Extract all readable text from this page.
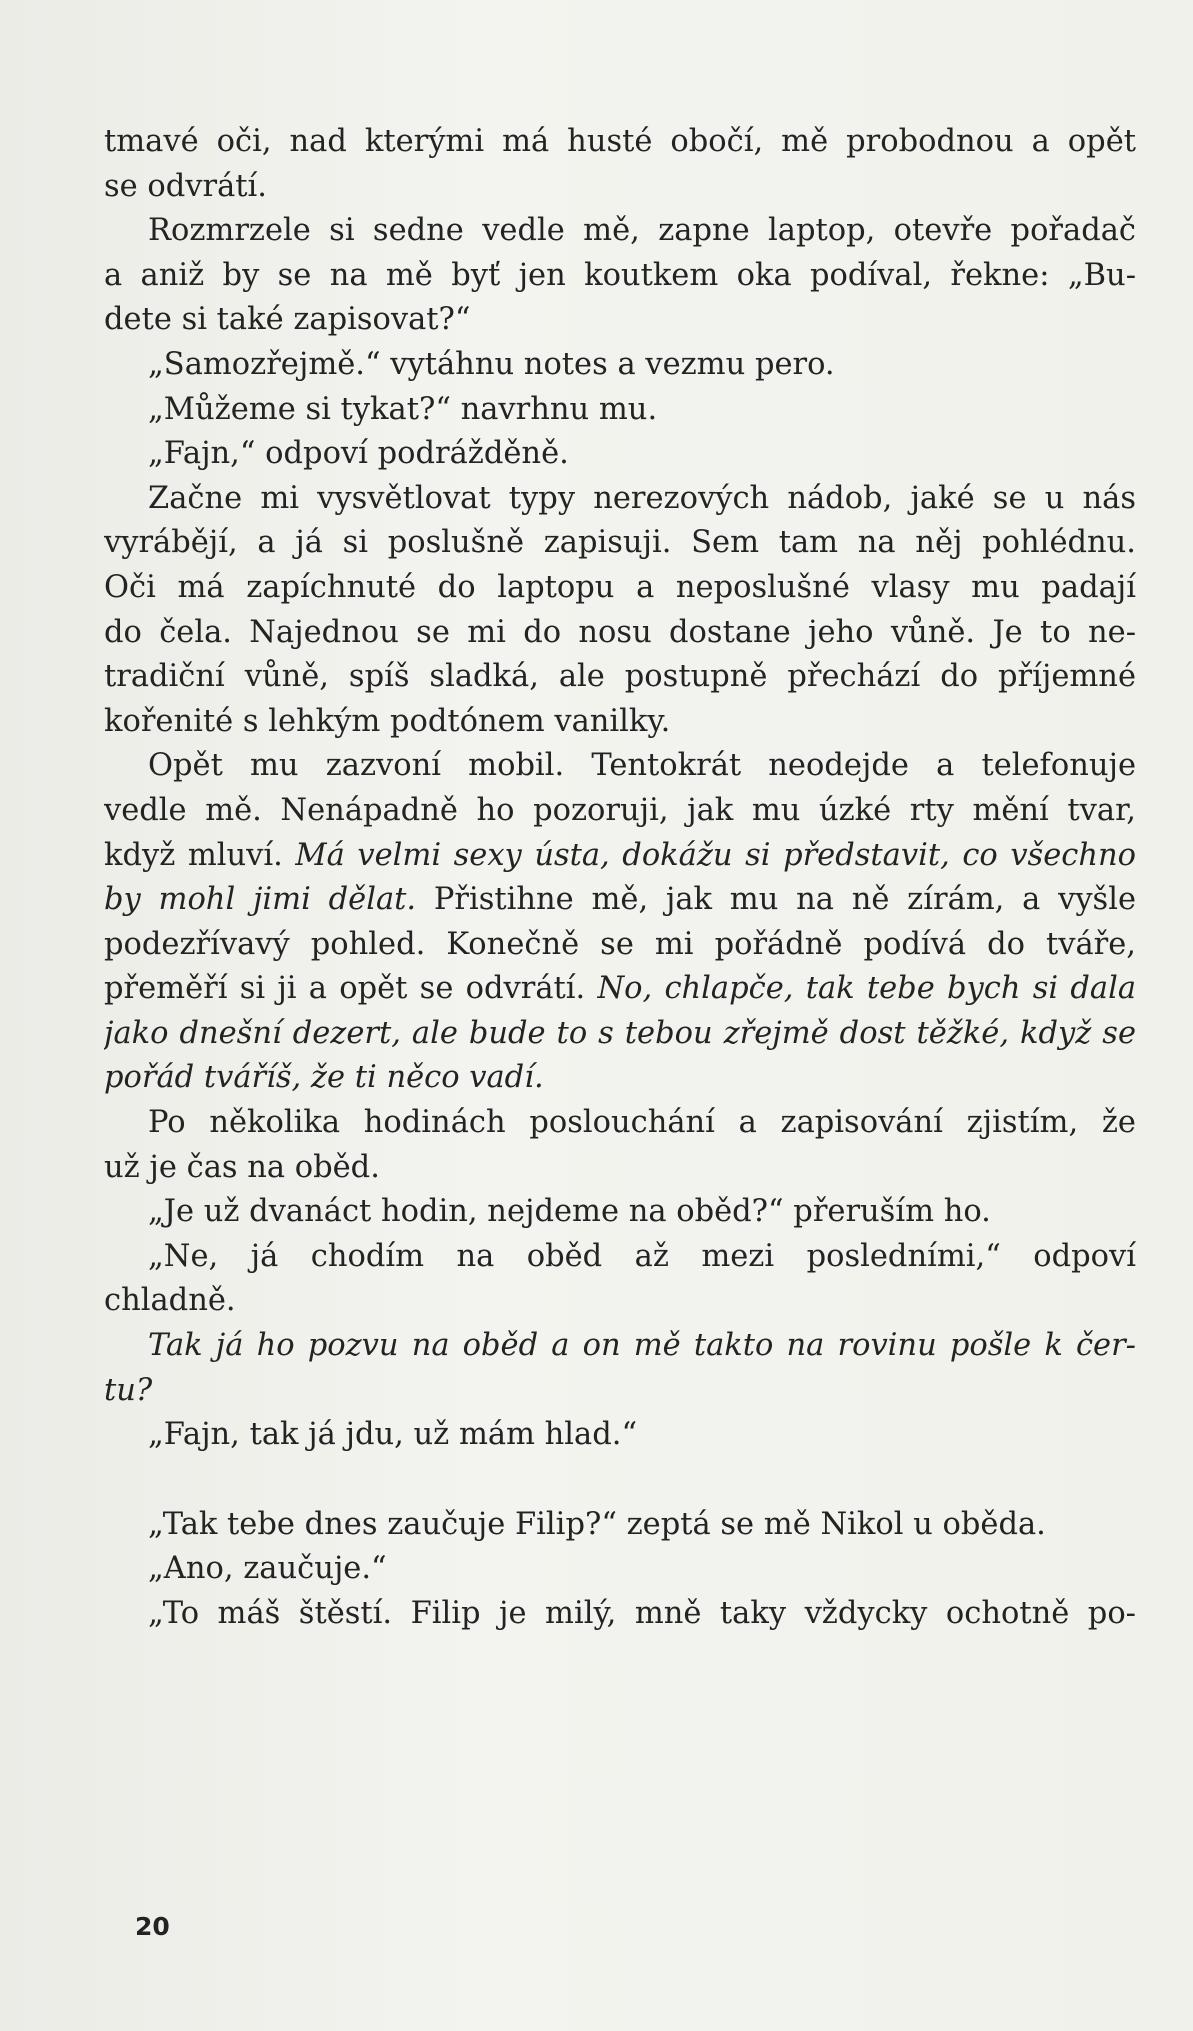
tmavé oči, nad kterými má husté obočí, mě probodnou a opět
se odvrátí.
Rozmrzele si sedne vedle mě, zapne laptop, otevře pořadač
a aniž by se na mě byť jen koutkem oka podíval, řekne: „Bu-
dete si také zapisovat?“
„Samozřejmě.“ vytáhnu notes a vezmu pero.
„Můžeme si tykat?“ navrhnu mu.
„Fajn,“ odpoví podrážděně.
Začne mi vysvětlovat typy nerezových nádob, jaké se u nás
vyrábějí, a já si poslušně zapisuji. Sem tam na něj pohlédnu.
Oči má zapíchnuté do laptopu a neposlušné vlasy mu padají
do čela. Najednou se mi do nosu dostane jeho vůně. Je to ne-
tradiční vůně, spíš sladká, ale postupně přechází do příjemné
kořenité s lehkým podtónem vanilky.
Opět mu zazvoní mobil. Tentokrát neodejde a telefonuje
vedle mě. Nenápadně ho pozoruji, jak mu úzké rty mění tvar,
když mluví. Má velmi sexy ústa, dokážu si představit, co všechno
by mohl jimi dělat. Přistihne mě, jak mu na ně zírám, a vyšle
podezřívavý pohled. Konečně se mi pořádně podívá do tváře,
přeměří si ji a opět se odvrátí. No, chlapče, tak tebe bych si dala
jako dnešní dezert, ale bude to s tebou zřejmě dost těžké, když se
pořád tváříš, že ti něco vadí.
Po několika hodinách poslouchání a zapisování zjistím, že
už je čas na oběd.
„Je už dvanáct hodin, nejdeme na oběd?“ přeruším ho.
„Ne, já chodím na oběd až mezi posledními,“ odpoví
chladně.
Tak já ho pozvu na oběd a on mě takto na rovinu pošle k čer-
tu?
„Fajn, tak já jdu, už mám hlad.“
„Tak tebe dnes zaučuje Filip?“ zeptá se mě Nikol u oběda.
„Ano, zaučuje.“
„To máš štěstí. Filip je milý, mně taky vždycky ochotně po-
20
